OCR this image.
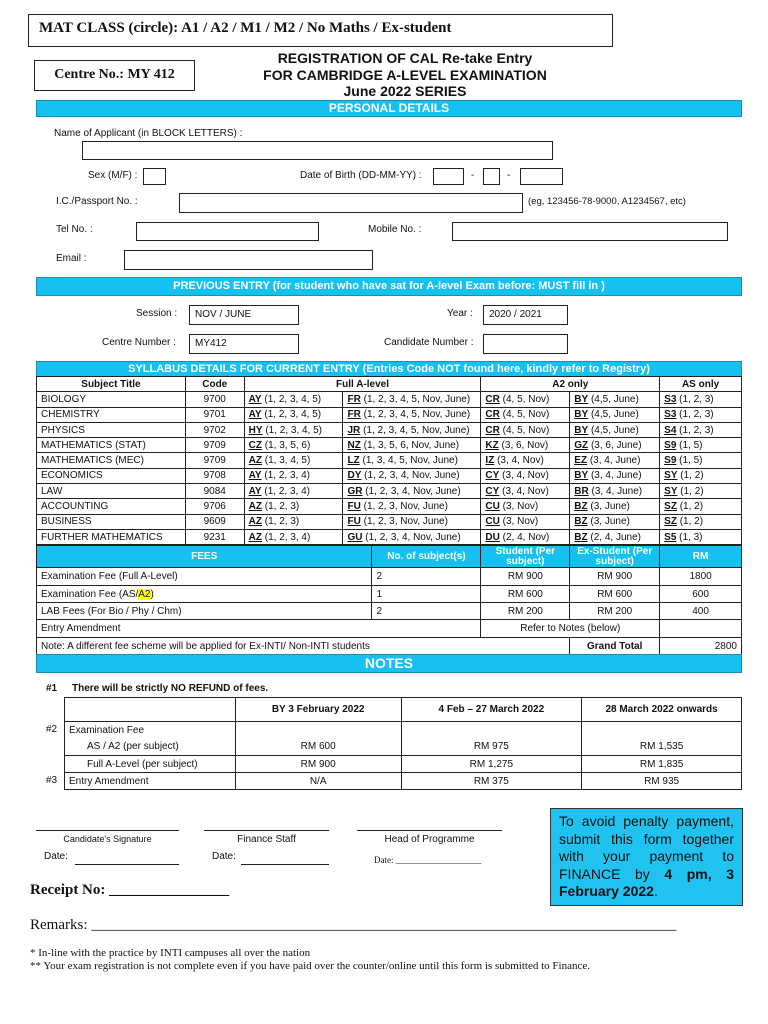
MAT CLASS (circle): A1 / A2 / M1 / M2 / No Maths / Ex-student
Centre No.: MY 412
REGISTRATION OF CAL Re-take Entry
FOR CAMBRIDGE A-LEVEL EXAMINATION
June 2022 SERIES
PERSONAL DETAILS
Name of Applicant (in BLOCK LETTERS) :
Sex (M/F) :	Date of Birth (DD-MM-YY) :	-	-
I.C./Passport No. :	(eg, 123456-78-9000, A1234567, etc)
Tel No. :	Mobile No. :
Email :
PREVIOUS ENTRY (for student who have sat for A-level Exam before: MUST fill in )
Session :	NOV / JUNE	Year :	2020 / 2021
Centre Number :	MY412	Candidate Number :
SYLLABUS DETAILS FOR CURRENT ENTRY (Entries Code NOT found here, kindly refer to Registry)
Subject Title	Code	Full A-level		A2 only		AS only
BIOLOGY	9700	AY (1, 2, 3, 4, 5)	FR (1, 2, 3, 4, 5, Nov, June)	CR (4, 5, Nov)	BY (4,5, June)	S3 (1, 2, 3)
CHEMISTRY	9701	AY (1, 2, 3, 4, 5)	FR (1, 2, 3, 4, 5, Nov, June)	CR (4, 5, Nov)	BY (4,5, June)	S3 (1, 2, 3)
PHYSICS	9702	HY (1, 2, 3, 4, 5)	JR (1, 2, 3, 4, 5, Nov, June)	CR (4, 5, Nov)	BY (4,5, June)	S4 (1, 2, 3)
MATHEMATICS (STAT)	9709	CZ (1, 3, 5, 6)	NZ (1, 3, 5, 6, Nov, June)	KZ (3, 6, Nov)	GZ (3, 6, June)	S9 (1, 5)
MATHEMATICS (MEC)	9709	AZ (1, 3, 4, 5)	LZ (1, 3, 4, 5, Nov, June)	IZ (3, 4, Nov)	EZ (3, 4, June)	S9 (1, 5)
ECONOMICS	9708	AY (1, 2, 3, 4)	DY (1, 2, 3, 4, Nov, June)	CY (3, 4, Nov)	BY (3, 4, June)	SY (1, 2)
LAW	9084	AY (1, 2, 3, 4)	GR (1, 2, 3, 4, Nov, June)	CY (3, 4, Nov)	BR (3, 4, June)	SY (1, 2)
ACCOUNTING	9706	AZ (1, 2, 3)	FU (1, 2, 3, Nov, June)	CU (3, Nov)	BZ (3, June)	SZ (1, 2)
BUSINESS	9609	AZ (1, 2, 3)	FU (1, 2, 3, Nov, June)	CU (3, Nov)	BZ (3, June)	SZ (1, 2)
FURTHER MATHEMATICS	9231	AZ (1, 2, 3, 4)	GU (1, 2, 3, 4, Nov, June)	DU (2, 4, Nov)	BZ (2, 4, June)	S5 (1, 3)
FEES	No. of subject(s)	Student (Per subject)	Ex-Student (Per subject)	RM
Examination Fee (Full A-Level)	2	RM 900	RM 900	1800
Examination Fee (AS/A2)	1	RM 600	RM 600	600
LAB Fees (For Bio / Phy / Chm)	2	RM 200	RM 200	400
Entry Amendment		Refer to Notes (below)		
Note: A different fee scheme will be applied for Ex-INTI/ Non-INTI students			Grand Total	2800
NOTES
#1 There will be strictly NO REFUND of fees.
#2
#3
	BY 3 February 2022	4 Feb – 27 March 2022	28 March 2022 onwards
Examination Fee			
AS / A2 (per subject)	RM 600	RM 975	RM 1,535
Full A-Level (per subject)	RM 900	RM 1,275	RM 1,835
Entry Amendment	N/A	RM 375	RM 935
Candidate's Signature
Date:
Finance Staff
Date:
Head of Programme
Date: ___________________
To avoid penalty payment, submit this form together with your payment to FINANCE by 4 pm, 3 February 2022.
Receipt No: ________________
Remarks: ______________________________________________________________________________
* In-line with the practice by INTI campuses all over the nation
** Your exam registration is not complete even if you have paid over the counter/online until this form is submitted to Finance.
